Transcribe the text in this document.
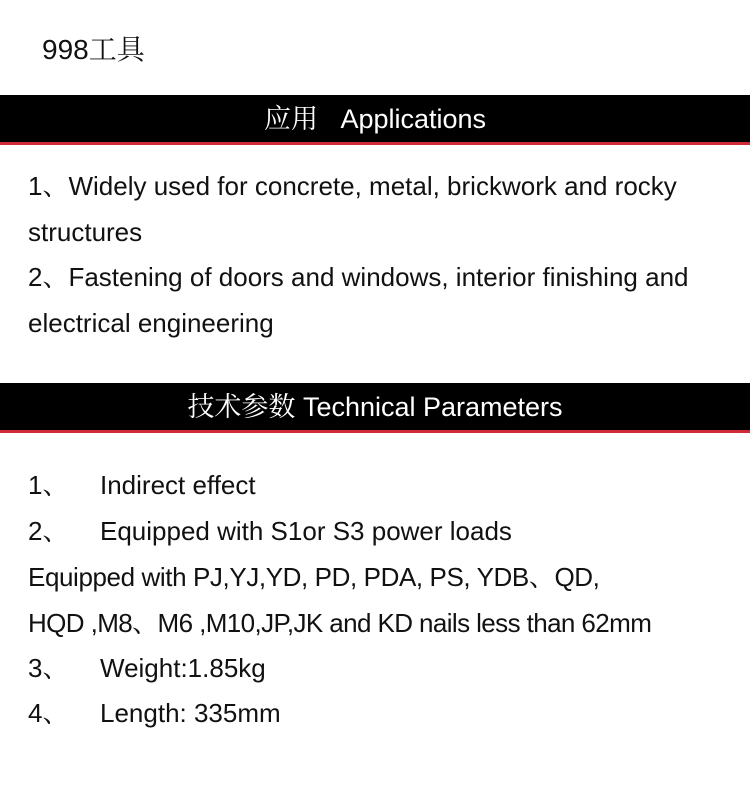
998工具
应用   Applications
1、Widely used for concrete, metal, brickwork and rocky structures
2、Fastening of doors and windows, interior finishing and electrical engineering
技术参数 Technical Parameters
1、 Indirect effect
2、 Equipped with S1or S3 power loads
Equipped with PJ,YJ,YD, PD, PDA, PS, YDB、QD,
HQD ,M8、M6 ,M10,JP,JK and KD nails less than 62mm
3、 Weight:1.85kg
4、 Length: 335mm
